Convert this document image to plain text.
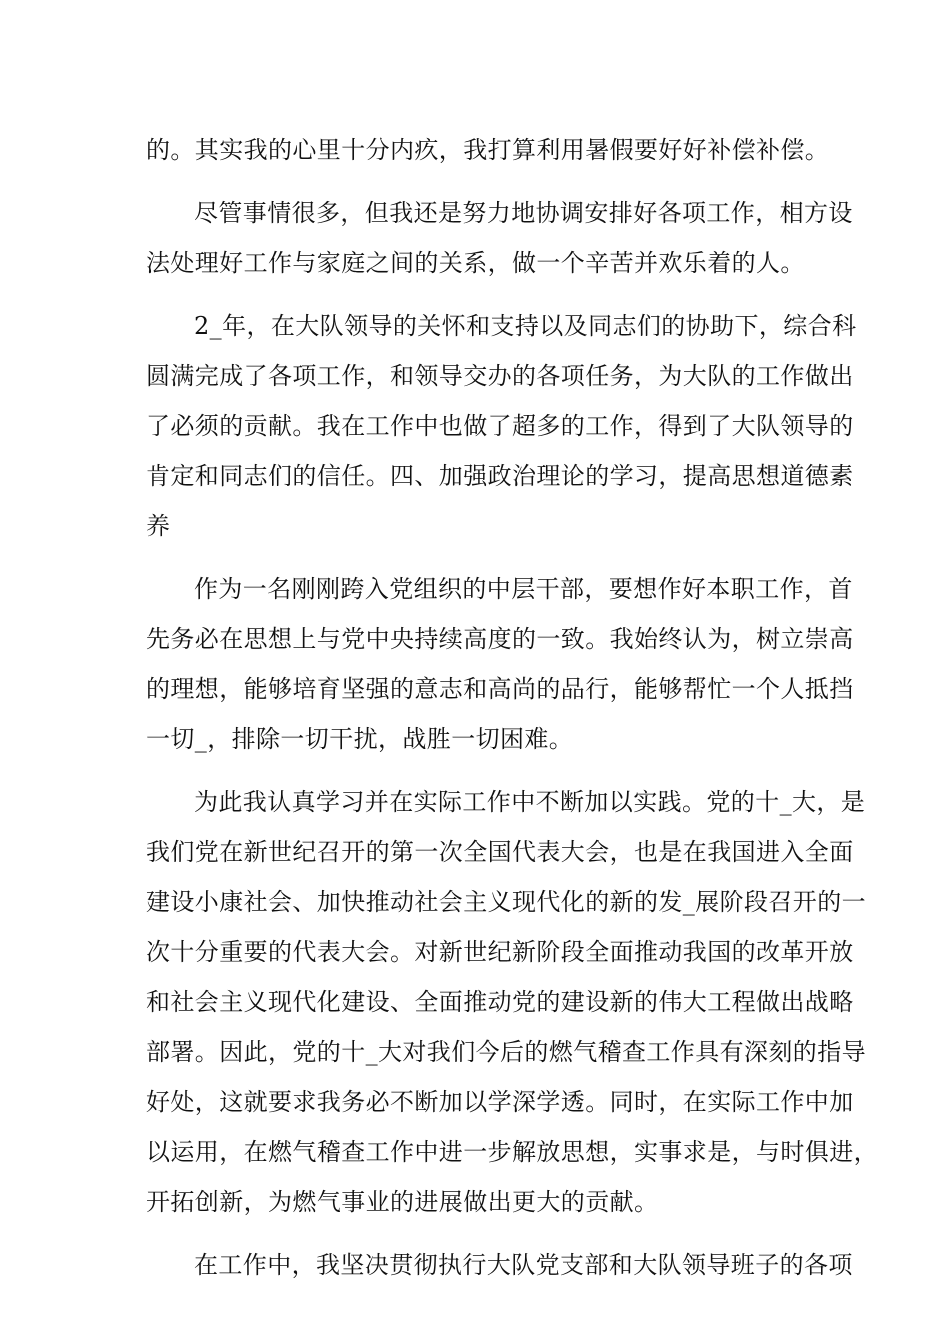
的。其实我的心里十分内疚，我打算利用暑假要好好补偿补偿。
尽管事情很多，但我还是努力地协调安排好各项工作，相方设
法处理好工作与家庭之间的关系，做一个辛苦并欢乐着的人。
2_年，在大队领导的关怀和支持以及同志们的协助下，综合科
圆满完成了各项工作，和领导交办的各项任务，为大队的工作做出
了必须的贡献。我在工作中也做了超多的工作，得到了大队领导的
肯定和同志们的信任。四、加强政治理论的学习，提高思想道德素
养
作为一名刚刚跨入党组织的中层干部，要想作好本职工作，首
先务必在思想上与党中央持续高度的一致。我始终认为，树立崇高
的理想，能够培育坚强的意志和高尚的品行，能够帮忙一个人抵挡
一切_，排除一切干扰，战胜一切困难。
为此我认真学习并在实际工作中不断加以实践。党的十_大，是
我们党在新世纪召开的第一次全国代表大会，也是在我国进入全面
建设小康社会、加快推动社会主义现代化的新的发_展阶段召开的一
次十分重要的代表大会。对新世纪新阶段全面推动我国的改革开放
和社会主义现代化建设、全面推动党的建设新的伟大工程做出战略
部署。因此，党的十_大对我们今后的燃气稽查工作具有深刻的指导
好处，这就要求我务必不断加以学深学透。同时，在实际工作中加
以运用，在燃气稽查工作中进一步解放思想，实事求是，与时俱进，
开拓创新，为燃气事业的进展做出更大的贡献。
在工作中，我坚决贯彻执行大队党支部和大队领导班子的各项
